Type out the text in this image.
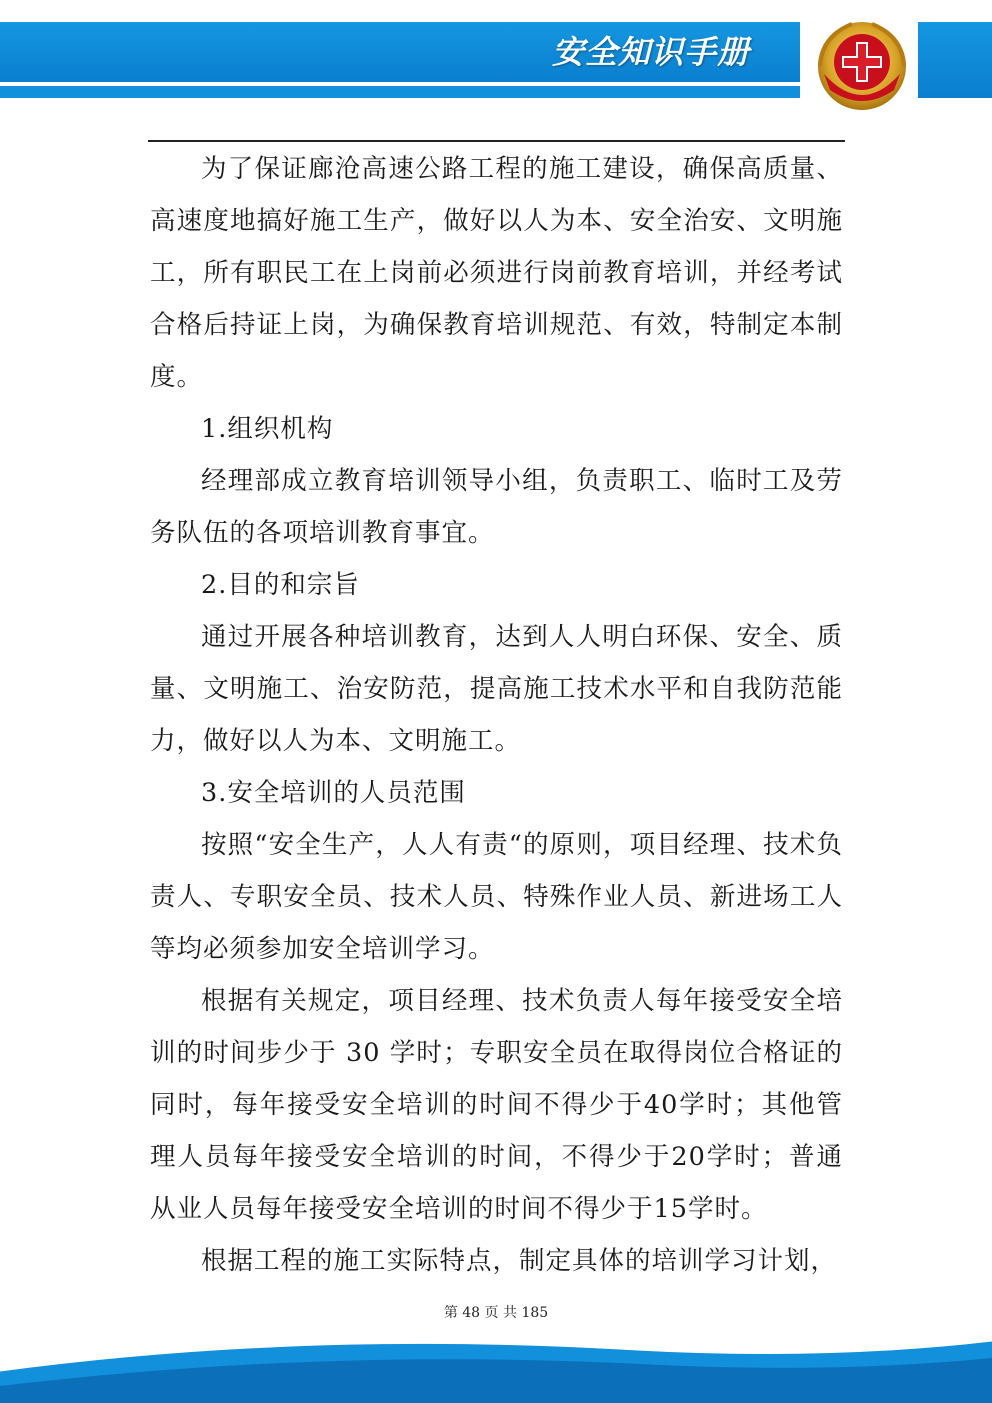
安全知识手册

为了保证廊沧高速公路工程的施工建设，确保高质量、高速度地搞好施工生产，做好以人为本、安全治安、文明施工，所有职民工在上岗前必须进行岗前教育培训，并经考试合格后持证上岗，为确保教育培训规范、有效，特制定本制度。

1.组织机构

经理部成立教育培训领导小组，负责职工、临时工及劳务队伍的各项培训教育事宜。

2.目的和宗旨

通过开展各种培训教育，达到人人明白环保、安全、质量、文明施工、治安防范，提高施工技术水平和自我防范能力，做好以人为本、文明施工。

3.安全培训的人员范围

按照“安全生产，人人有责“的原则，项目经理、技术负责人、专职安全员、技术人员、特殊作业人员、新进场工人等均必须参加安全培训学习。

根据有关规定，项目经理、技术负责人每年接受安全培训的时间步少于 30 学时；专职安全员在取得岗位合格证的同时，每年接受安全培训的时间不得少于40学时；其他管理人员每年接受安全培训的时间，不得少于20学时；普通从业人员每年接受安全培训的时间不得少于15学时。

根据工程的施工实际特点，制定具体的培训学习计划，

第 48 页 共 185
